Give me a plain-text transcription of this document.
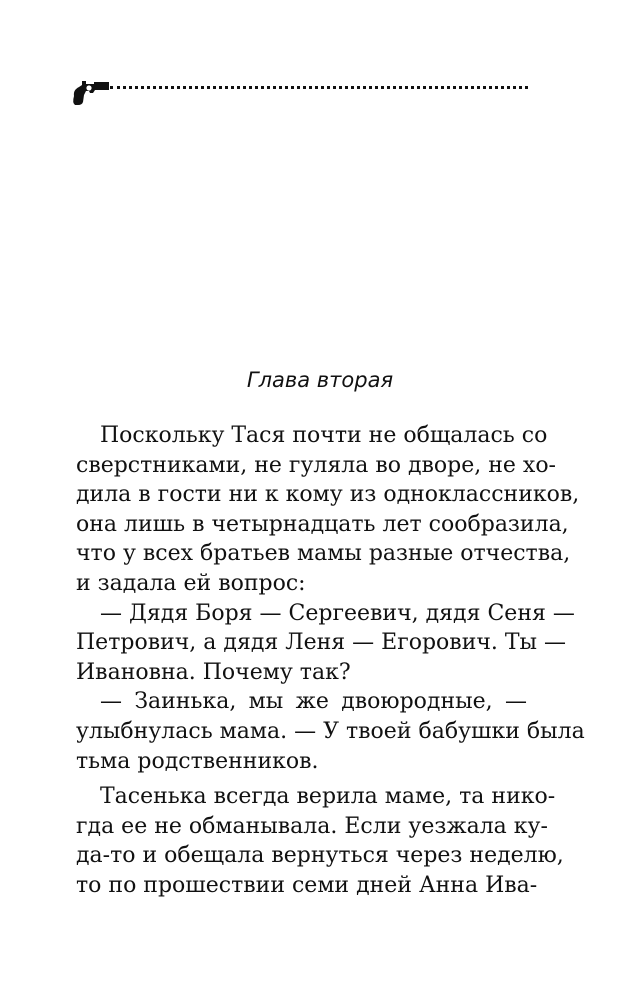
Глава вторая
Поскольку Тася почти не общалась со
сверстниками, не гуляла во дворе, не хо-
дила в гости ни к кому из одноклассников,
она лишь в четырнадцать лет сообразила,
что у всех братьев мамы разные отчества,
и задала ей вопрос:
— Дядя Боря — Сергеевич, дядя Сеня —
Петрович, а дядя Леня — Егорович. Ты —
Ивановна. Почему так?
— Заинька, мы же двоюродные, —
улыбнулась мама. — У твоей бабушки была
тьма родственников.
Тасенька всегда верила маме, та нико-
гда ее не обманывала. Если уезжала ку-
да-то и обещала вернуться через неделю,
то по прошествии семи дней Анна Ива-
